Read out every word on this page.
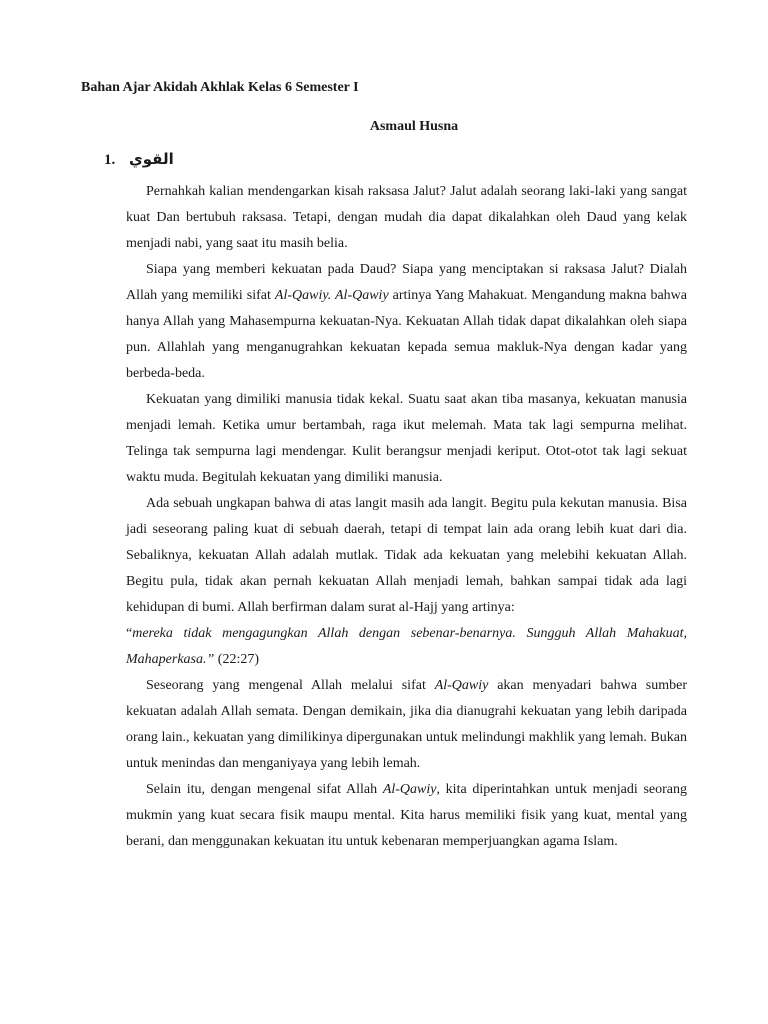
Bahan Ajar Akidah Akhlak Kelas 6 Semester I
Asmaul Husna
1. القوي

Pernahkah kalian mendengarkan kisah raksasa Jalut? Jalut adalah seorang laki-laki yang sangat kuat Dan bertubuh raksasa. Tetapi, dengan mudah dia dapat dikalahkan oleh Daud yang kelak menjadi nabi, yang saat itu masih belia.

Siapa yang memberi kekuatan pada Daud? Siapa yang menciptakan si raksasa Jalut? Dialah Allah yang memiliki sifat Al-Qawiy. Al-Qawiy artinya Yang Mahakuat. Mengandung makna bahwa hanya Allah yang Mahasempurna kekuatan-Nya. Kekuatan Allah tidak dapat dikalahkan oleh siapa pun. Allahlah yang menganugrahkan kekuatan kepada semua makluk-Nya dengan kadar yang berbeda-beda.

Kekuatan yang dimiliki manusia tidak kekal. Suatu saat akan tiba masanya, kekuatan manusia menjadi lemah. Ketika umur bertambah, raga ikut melemah. Mata tak lagi sempurna melihat. Telinga tak sempurna lagi mendengar. Kulit berangsur menjadi keriput. Otot-otot tak lagi sekuat waktu muda. Begitulah kekuatan yang dimiliki manusia.

Ada sebuah ungkapan bahwa di atas langit masih ada langit. Begitu pula kekutan manusia. Bisa jadi seseorang paling kuat di sebuah daerah, tetapi di tempat lain ada orang lebih kuat dari dia. Sebaliknya, kekuatan Allah adalah mutlak. Tidak ada kekuatan yang melebihi kekuatan Allah. Begitu pula, tidak akan pernah kekuatan Allah menjadi lemah, bahkan sampai tidak ada lagi kehidupan di bumi. Allah berfirman dalam surat al-Hajj yang artinya:

“mereka tidak mengagungkan Allah dengan sebenar-benarnya. Sungguh Allah Mahakuat, Mahaperkasa.” (22:27)

Seseorang yang mengenal Allah melalui sifat Al-Qawiy akan menyadari bahwa sumber kekuatan adalah Allah semata. Dengan demikain, jika dia dianugrahi kekuatan yang lebih daripada orang lain., kekuatan yang dimilikinya dipergunakan untuk melindungi makhlik yang lemah. Bukan untuk menindas dan menganiyaya yang lebih lemah.

Selain itu, dengan mengenal sifat Allah Al-Qawiy, kita diperintahkan untuk menjadi seorang mukmin yang kuat secara fisik maupu mental. Kita harus memiliki fisik yang kuat, mental yang berani, dan menggunakan kekuatan itu untuk kebenaran memperjuangkan agama Islam.
